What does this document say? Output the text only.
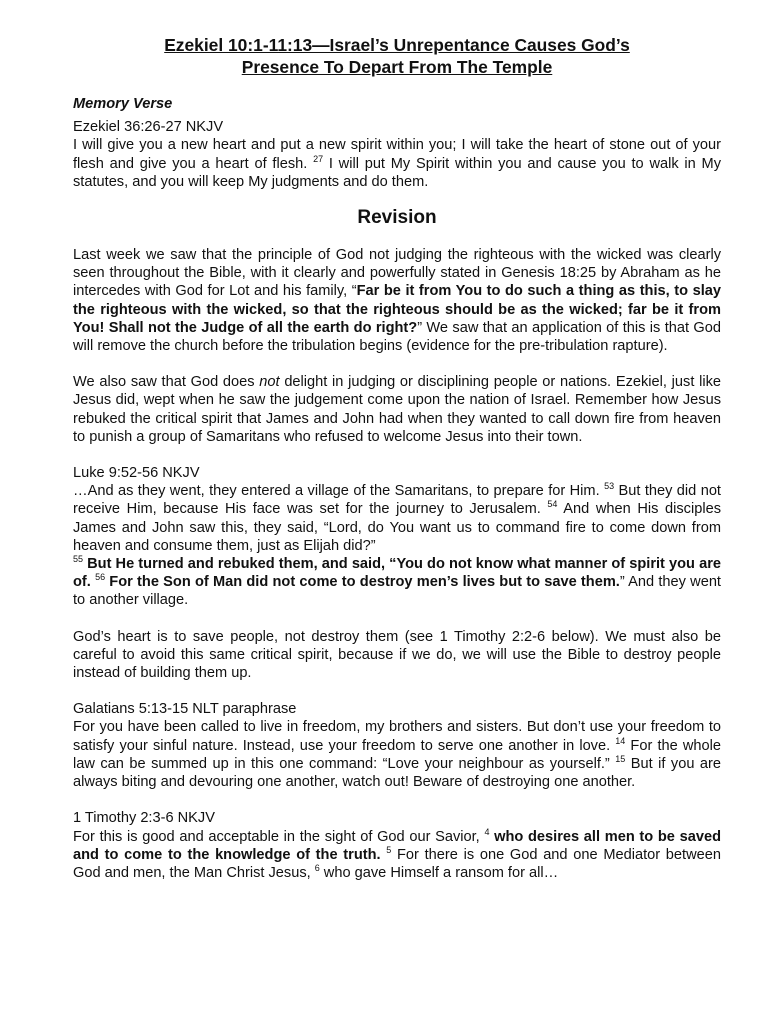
Ezekiel 10:1-11:13—Israel’s Unrepentance Causes God’s
Presence To Depart From The Temple
Memory Verse
Ezekiel 36:26-27 NKJV

I will give you a new heart and put a new spirit within you; I will take the heart of stone out of your flesh and give you a heart of flesh. $^{27}$ I will put My Spirit within you and cause you to walk in My statutes, and you will keep My judgments and do them.

Revision

Last week we saw that the principle of God not judging the righteous with the wicked was clearly seen throughout the Bible, with it clearly and powerfully stated in Genesis 18:25 by Abraham as he intercedes with God for Lot and his family, “Far be it from You to do such a thing as this, to slay the righteous with the wicked, so that the righteous should be as the wicked; far be it from You! Shall not the Judge of all the earth do right?” We saw that an application of this is that God will remove the church before the tribulation begins (evidence for the pre-tribulation rapture).

We also saw that God does not delight in judging or disciplining people or nations. Ezekiel, just like Jesus did, wept when he saw the judgement come upon the nation of Israel. Remember how Jesus rebuked the critical spirit that James and John had when they wanted to call down fire from heaven to punish a group of Samaritans who refused to welcome Jesus into their town.

Luke 9:52-56 NKJV

…And as they went, they entered a village of the Samaritans, to prepare for Him. $^{53}$ But they did not receive Him, because His face was set for the journey to Jerusalem. $^{54}$ And when His disciples James and John saw this, they said, “Lord, do You want us to command fire to come down from heaven and consume them, just as Elijah did?”
$^{55}$ But He turned and rebuked them, and said, “You do not know what manner of spirit you are of. $^{56}$ For the Son of Man did not come to destroy men’s lives but to save them.” And they went to another village.

God’s heart is to save people, not destroy them (see 1 Timothy 2:2-6 below). We must also be careful to avoid this same critical spirit, because if we do, we will use the Bible to destroy people instead of building them up.

Galatians 5:13-15 NLT paraphrase

For you have been called to live in freedom, my brothers and sisters. But don’t use your freedom to satisfy your sinful nature. Instead, use your freedom to serve one another in love. $^{14}$ For the whole law can be summed up in this one command: “Love your neighbour as yourself.” $^{15}$ But if you are always biting and devouring one another, watch out! Beware of destroying one another.

1 Timothy 2:3-6 NKJV

For this is good and acceptable in the sight of God our Savior, $^4$ who desires all men to be saved and to come to the knowledge of the truth. $^5$ For there is one God and one Mediator between God and men, the Man Christ Jesus, $^6$ who gave Himself a ransom for all…
